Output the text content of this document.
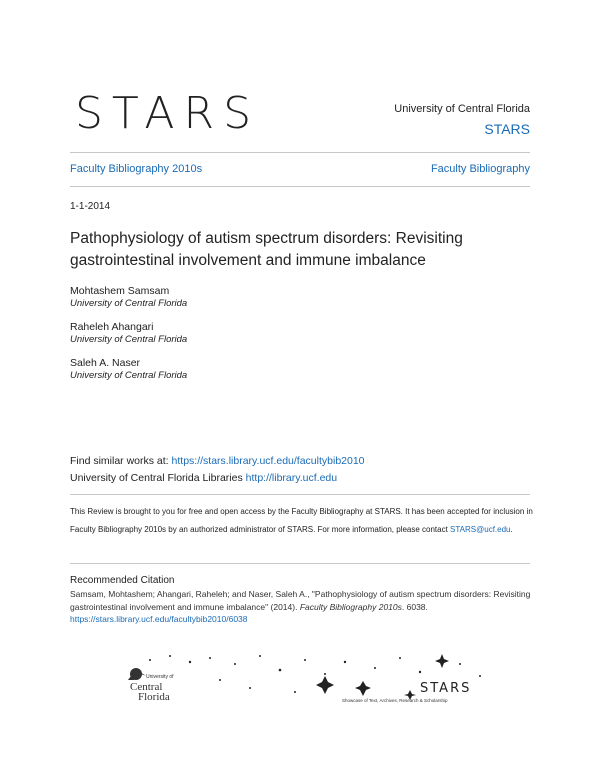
STARS	University of Central Florida
STARS
Faculty Bibliography 2010s	Faculty Bibliography
1-1-2014
Pathophysiology of autism spectrum disorders: Revisiting gastrointestinal involvement and immune imbalance
Mohtashem Samsam
University of Central Florida
Raheleh Ahangari
University of Central Florida
Saleh A. Naser
University of Central Florida
Find similar works at: https://stars.library.ucf.edu/facultybib2010
University of Central Florida Libraries http://library.ucf.edu
This Review is brought to you for free and open access by the Faculty Bibliography at STARS. It has been accepted for inclusion in Faculty Bibliography 2010s by an authorized administrator of STARS. For more information, please contact STARS@ucf.edu.
Recommended Citation
Samsam, Mohtashem; Ahangari, Raheleh; and Naser, Saleh A., "Pathophysiology of autism spectrum disorders: Revisiting gastrointestinal involvement and immune imbalance" (2014). Faculty Bibliography 2010s. 6038.
https://stars.library.ucf.edu/facultybib2010/6038
University of
Central
Florida
STARS
Showcase of Text, Archives, Research & Scholarship
